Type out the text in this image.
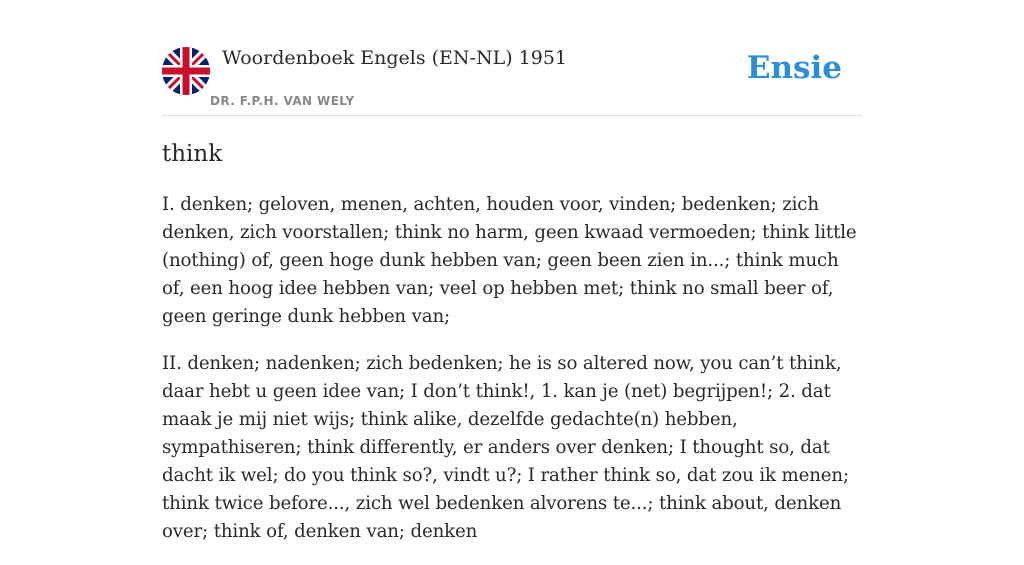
Woordenboek Engels (EN-NL) 1951
DR. F.P.H. VAN WELY
Ensie
think

I. denken; geloven, menen, achten, houden voor, vinden; bedenken; zich denken, zich voorstallen; think no harm, geen kwaad vermoeden; think little (nothing) of, geen hoge dunk hebben van; geen been zien in...; think much of, een hoog idee hebben van; veel op hebben met; think no small beer of, geen geringe dunk hebben van;

II. denken; nadenken; zich bedenken; he is so altered now, you can’t think, daar hebt u geen idee van; I don’t think!, 1. kan je (net) begrijpen!; 2. dat maak je mij niet wijs; think alike, dezelfde gedachte(n) hebben, sympathiseren; think differently, er anders over denken; I thought so, dat dacht ik wel; do you think so?, vindt u?; I rather think so, dat zou ik menen; think twice before..., zich wel bedenken alvorens te...; think about, denken over; think of, denken van; denken
